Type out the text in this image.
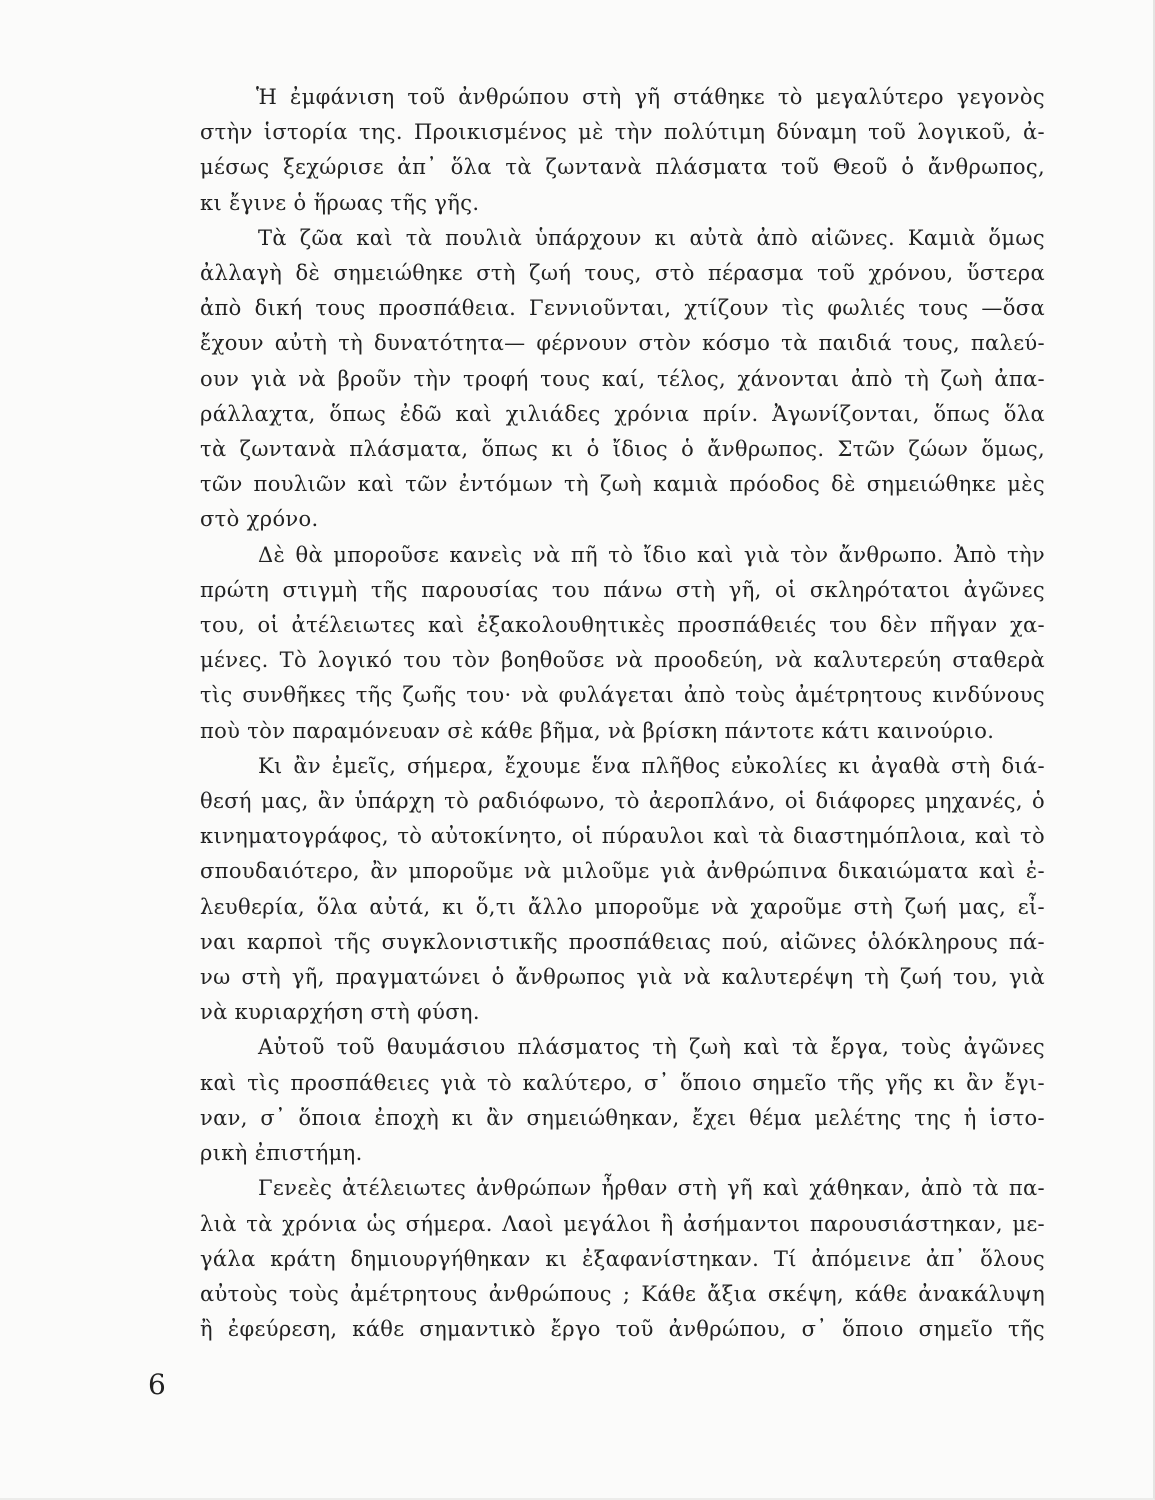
Ἡ ἐμφάνιση τοῦ ἀνθρώπου στὴ γῆ στάθηκε τὸ μεγαλύτερο γεγονὸς
στὴν ἱστορία της. Προικισμένος μὲ τὴν πολύτιμη δύναμη τοῦ λογικοῦ, ἀ-
μέσως ξεχώρισε ἀπ᾿ ὅλα τὰ ζωντανὰ πλάσματα τοῦ Θεοῦ ὁ ἄνθρωπος,
κι ἔγινε ὁ ἥρωας τῆς γῆς.

Τὰ ζῶα καὶ τὰ πουλιὰ ὑπάρχουν κι αὐτὰ ἀπὸ αἰῶνες. Καμιὰ ὅμως
ἀλλαγὴ δὲ σημειώθηκε στὴ ζωή τους, στὸ πέρασμα τοῦ χρόνου, ὕστερα
ἀπὸ δική τους προσπάθεια. Γεννιοῦνται, χτίζουν τὶς φωλιές τους —ὅσα
ἔχουν αὐτὴ τὴ δυνατότητα— φέρνουν στὸν κόσμο τὰ παιδιά τους, παλεύ-
ουν γιὰ νὰ βροῦν τὴν τροφή τους καί, τέλος, χάνονται ἀπὸ τὴ ζωὴ ἀπα-
ράλλαχτα, ὅπως ἐδῶ καὶ χιλιάδες χρόνια πρίν. Ἀγωνίζονται, ὅπως ὅλα
τὰ ζωντανὰ πλάσματα, ὅπως κι ὁ ἴδιος ὁ ἄνθρωπος. Στῶν ζώων ὅμως,
τῶν πουλιῶν καὶ τῶν ἐντόμων τὴ ζωὴ καμιὰ πρόοδος δὲ σημειώθηκε μὲς
στὸ χρόνο.

Δὲ θὰ μποροῦσε κανεὶς νὰ πῆ τὸ ἴδιο καὶ γιὰ τὸν ἄνθρωπο. Ἀπὸ τὴν
πρώτη στιγμὴ τῆς παρουσίας του πάνω στὴ γῆ, οἱ σκληρότατοι ἀγῶνες
του, οἱ ἀτέλειωτες καὶ ἐξακολουθητικὲς προσπάθειές του δὲν πῆγαν χα-
μένες. Τὸ λογικό του τὸν βοηθοῦσε νὰ προοδεύη, νὰ καλυτερεύη σταθερὰ
τὶς συνθῆκες τῆς ζωῆς του· νὰ φυλάγεται ἀπὸ τοὺς ἀμέτρητους κινδύνους
ποὺ τὸν παραμόνευαν σὲ κάθε βῆμα, νὰ βρίσκη πάντοτε κάτι καινούριο.

Κι ἂν ἐμεῖς, σήμερα, ἔχουμε ἕνα πλῆθος εὐκολίες κι ἀγαθὰ στὴ διά-
θεσή μας, ἂν ὑπάρχη τὸ ραδιόφωνο, τὸ ἀεροπλάνο, οἱ διάφορες μηχανές, ὁ
κινηματογράφος, τὸ αὐτοκίνητο, οἱ πύραυλοι καὶ τὰ διαστημόπλοια, καὶ τὸ
σπουδαιότερο, ἂν μποροῦμε νὰ μιλοῦμε γιὰ ἀνθρώπινα δικαιώματα καὶ ἐ-
λευθερία, ὅλα αὐτά, κι ὅ,τι ἄλλο μποροῦμε νὰ χαροῦμε στὴ ζωή μας, εἶ-
ναι καρποὶ τῆς συγκλονιστικῆς προσπάθειας πού, αἰῶνες ὁλόκληρους πά-
νω στὴ γῆ, πραγματώνει ὁ ἄνθρωπος γιὰ νὰ καλυτερέψη τὴ ζωή του, γιὰ
νὰ κυριαρχήση στὴ φύση.

Αὐτοῦ τοῦ θαυμάσιου πλάσματος τὴ ζωὴ καὶ τὰ ἔργα, τοὺς ἀγῶνες
καὶ τὶς προσπάθειες γιὰ τὸ καλύτερο, σ᾿ ὅποιο σημεῖο τῆς γῆς κι ἂν ἔγι-
ναν, σ᾿ ὅποια ἐποχὴ κι ἂν σημειώθηκαν, ἔχει θέμα μελέτης της ἡ ἱστο-
ρικὴ ἐπιστήμη.

Γενεὲς ἀτέλειωτες ἀνθρώπων ἦρθαν στὴ γῆ καὶ χάθηκαν, ἀπὸ τὰ πα-
λιὰ τὰ χρόνια ὡς σήμερα. Λαοὶ μεγάλοι ἢ ἀσήμαντοι παρουσιάστηκαν, με-
γάλα κράτη δημιουργήθηκαν κι ἐξαφανίστηκαν. Τί ἀπόμεινε ἀπ᾿ ὅλους
αὐτοὺς τοὺς ἀμέτρητους ἀνθρώπους ; Κάθε ἄξια σκέψη, κάθε ἀνακάλυψη
ἢ ἐφεύρεση, κάθε σημαντικὸ ἔργο τοῦ ἀνθρώπου, σ᾿ ὅποιο σημεῖο τῆς

6
